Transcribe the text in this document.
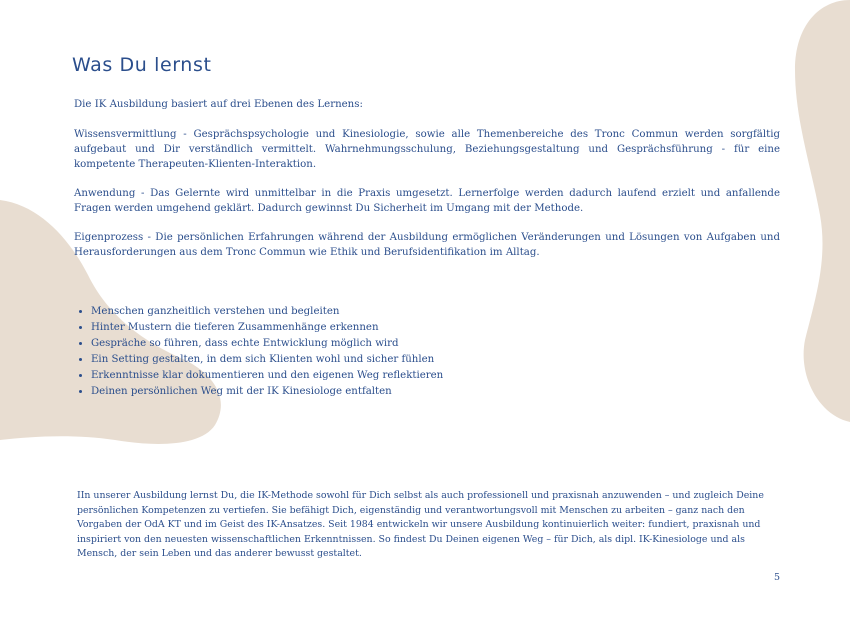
Was Du lernst

Die IK Ausbildung basiert auf drei Ebenen des Lernens:

Wissensvermittlung - Gesprächspsychologie und Kinesiologie, sowie alle Themenbereiche des Tronc Commun werden sorgfältig aufgebaut und Dir verständlich vermittelt. Wahrnehmungsschulung, Beziehungsgestaltung und Gesprächsführung - für eine kompetente Therapeuten-Klienten-Interaktion.

Anwendung - Das Gelernte wird unmittelbar in die Praxis umgesetzt. Lernerfolge werden dadurch laufend erzielt und anfallende Fragen werden umgehend geklärt. Dadurch gewinnst Du Sicherheit im Umgang mit der Methode.

Eigenprozess - Die persönlichen Erfahrungen während der Ausbildung ermöglichen Veränderungen und Lösungen von Aufgaben und Herausforderungen aus dem Tronc Commun wie Ethik und Berufsidentifikation im Alltag.

• Menschen ganzheitlich verstehen und begleiten
• Hinter Mustern die tieferen Zusammenhänge erkennen
• Gespräche so führen, dass echte Entwicklung möglich wird
• Ein Setting gestalten, in dem sich Klienten wohl und sicher fühlen
• Erkenntnisse klar dokumentieren und den eigenen Weg reflektieren
• Deinen persönlichen Weg mit der IK Kinesiologe entfalten

IIn unserer Ausbildung lernst Du, die IK-Methode sowohl für Dich selbst als auch professionell und praxisnah anzuwenden – und zugleich Deine persönlichen Kompetenzen zu vertiefen. Sie befähigt Dich, eigenständig und verantwortungsvoll mit Menschen zu arbeiten – ganz nach den Vorgaben der OdA KT und im Geist des IK-Ansatzes. Seit 1984 entwickeln wir unsere Ausbildung kontinuierlich weiter: fundiert, praxisnah und inspiriert von den neuesten wissenschaftlichen Erkenntnissen. So findest Du Deinen eigenen Weg – für Dich, als dipl. IK-Kinesiologe und als Mensch, der sein Leben und das anderer bewusst gestaltet.

5
